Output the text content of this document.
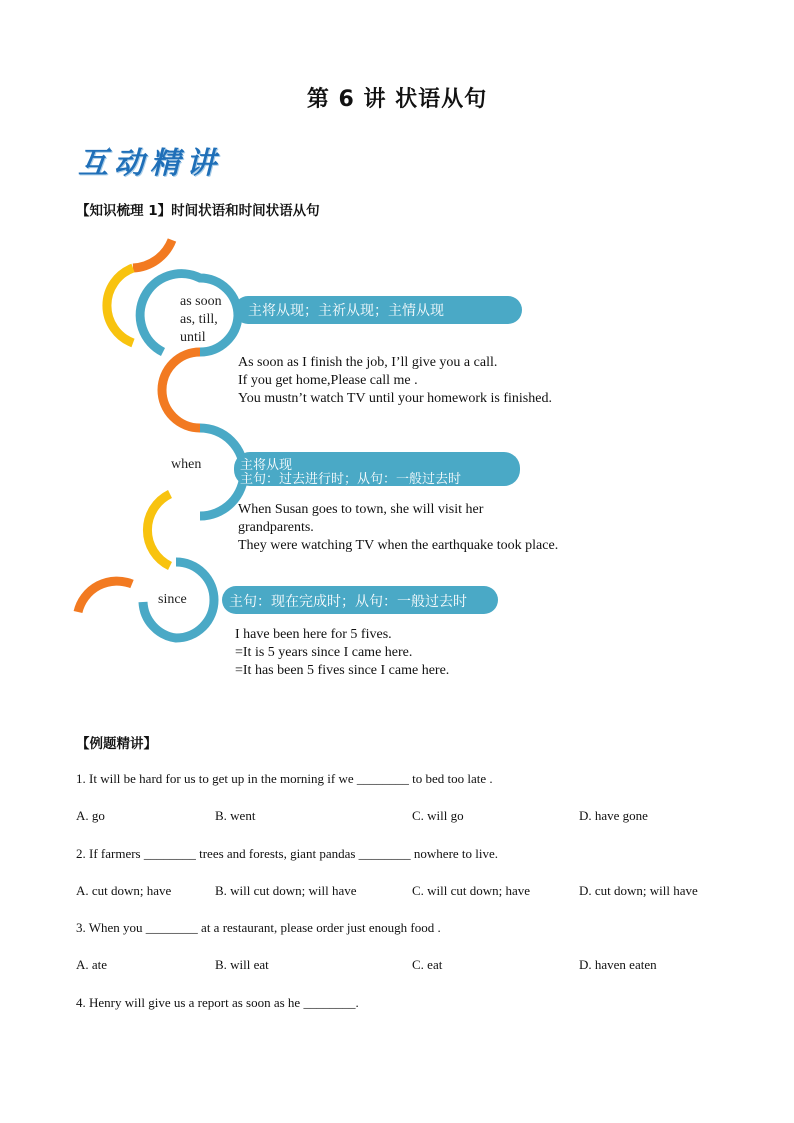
第 6 讲 状语从句
互动精讲
【知识梳理 1】时间状语和时间状语从句
as soon
as, till,
until
主将从现；主祈从现；主情从现
As soon as I finish the job, I’ll give you a call.
If you get home,Please call me .
You mustn’t watch TV until your homework is finished.
when	主将从现
主句：过去进行时；从句：一般过去时
When Susan goes to town, she will visit her
grandparents.
They were watching TV when the earthquake took place.
since	主句：现在完成时；从句：一般过去时
I have been here for 5 fives.
=It is 5 years since I came here.
=It has been 5 fives since I came here.
【例题精讲】
1. It will be hard for us to get up in the morning if we ________ to bed too late .
A. go	B. went	C. will go	D. have gone
2. If farmers ________ trees and forests, giant pandas ________ nowhere to live.
A. cut down; have	B. will cut down; will have	C. will cut down; have	D. cut down; will have
3. When you ________ at a restaurant, please order just enough food .
A. ate	B. will eat	C. eat	D. haven eaten
4. Henry will give us a report as soon as he ________.
